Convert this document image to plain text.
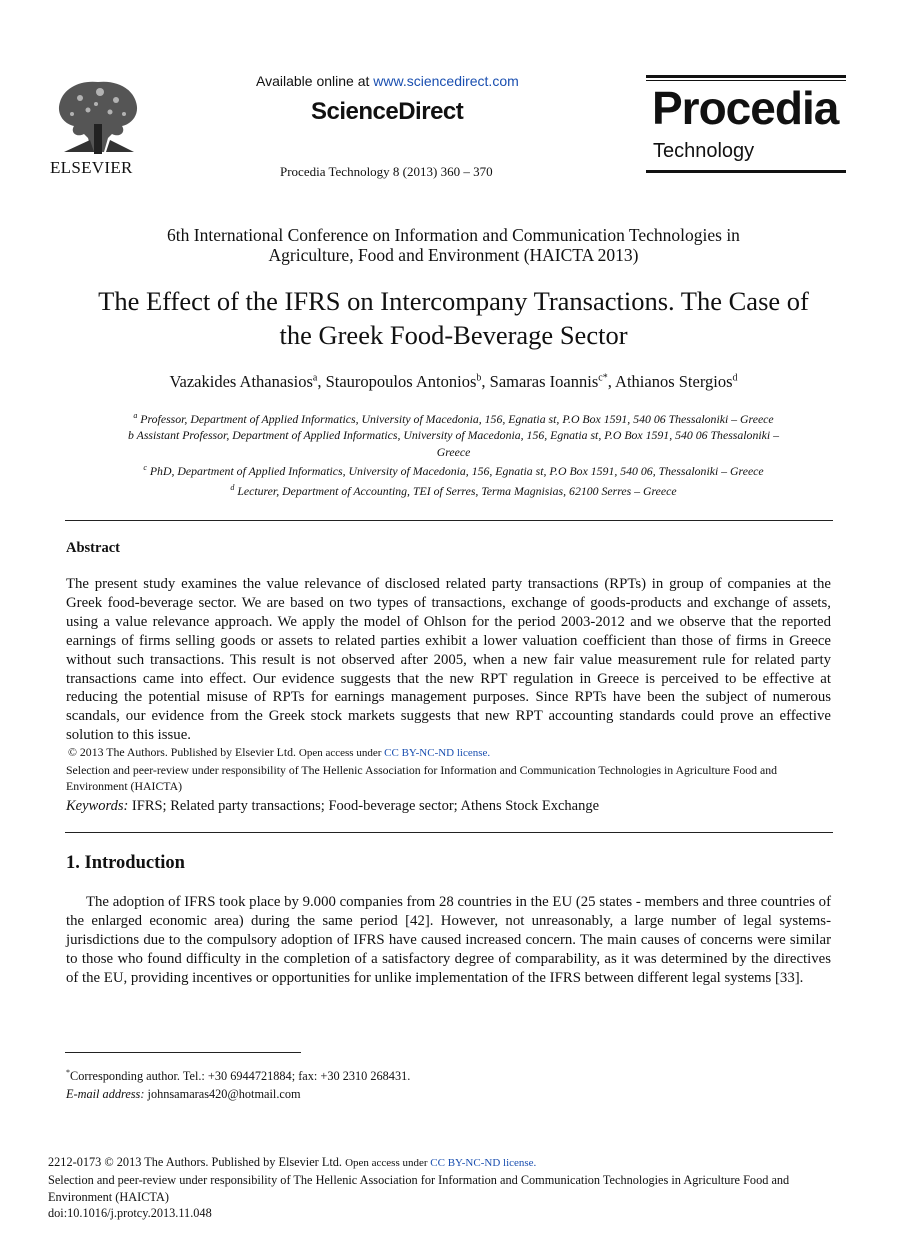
ELSEVIER
Available online at www.sciencedirect.com
ScienceDirect
Procedia Technology 8 (2013) 360 – 370
Procedia
Technology
6th International Conference on Information and Communication Technologies in
Agriculture, Food and Environment (HAICTA 2013)
The Effect of the IFRS on Intercompany Transactions. The Case of
the Greek Food-Beverage Sector
Vazakides Athanasios$^a$, Stauropoulos Antonios$^b$, Samaras Ioannis$^{c*}$, Athianos Stergios$^d$
$^a$ Professor, Department of Applied Informatics, University of Macedonia, 156, Egnatia st, P.O Box 1591, 540 06 Thessaloniki – Greece
b Assistant Professor, Department of Applied Informatics, University of Macedonia, 156, Egnatia st, P.O Box 1591, 540 06 Thessaloniki –
Greece
$^c$ PhD, Department of Applied Informatics, University of Macedonia, 156, Egnatia st, P.O Box 1591, 540 06, Thessaloniki – Greece
$^d$ Lecturer, Department of Accounting, TEI of Serres, Terma Magnisias, 62100 Serres – Greece
Abstract
The present study examines the value relevance of disclosed related party transactions (RPTs) in group of companies at the Greek food-beverage sector. We are based on two types of transactions, exchange of goods-products and exchange of assets, using a value relevance approach. We apply the model of Ohlson for the period 2003-2012 and we observe that the reported earnings of firms selling goods or assets to related parties exhibit a lower valuation coefficient than those of firms in Greece without such transactions. This result is not observed after 2005, when a new fair value measurement rule for related party transactions came into effect. Our evidence suggests that the new RPT regulation in Greece is perceived to be effective at reducing the potential misuse of RPTs for earnings management purposes. Since RPTs have been the subject of numerous scandals, our evidence from the Greek stock markets suggests that new RPT accounting standards could prove an effective solution to this issue.
© 2013 The Authors. Published by Elsevier Ltd. Open access under CC BY-NC-ND license.
Selection and peer-review under responsibility of The Hellenic Association for Information and Communication Technologies in Agriculture Food and Environment (HAICTA)
Keywords: IFRS; Related party transactions; Food-beverage sector; Athens Stock Exchange
1. Introduction
The adoption of IFRS took place by 9.000 companies from 28 countries in the EU (25 states - members and three countries of the enlarged economic area) during the same period [42]. However, not unreasonably, a large number of legal systems-jurisdictions due to the compulsory adoption of IFRS have caused increased concern. The main causes of concerns were similar to those who found difficulty in the completion of a satisfactory degree of comparability, as it was determined by the directives of the EU, providing incentives or opportunities for unlike implementation of the IFRS between different legal systems [33].
*Corresponding author. Tel.: +30 6944721884; fax: +30 2310 268431.
E-mail address: johnsamaras420@hotmail.com
2212-0173 © 2013 The Authors. Published by Elsevier Ltd. Open access under CC BY-NC-ND license.
Selection and peer-review under responsibility of The Hellenic Association for Information and Communication Technologies in Agriculture Food and Environment (HAICTA)
doi:10.1016/j.protcy.2013.11.048
